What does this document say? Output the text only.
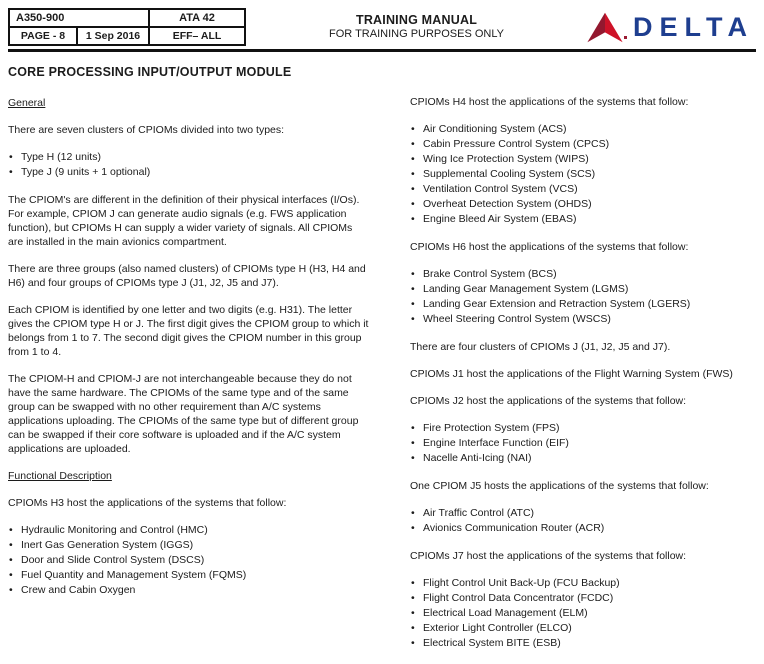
A350-900		ATA 42
PAGE - 8	1 Sep 2016	EFF– ALL
TRAINING MANUAL
FOR TRAINING PURPOSES ONLY	DELTA
CORE PROCESSING INPUT/OUTPUT MODULE
General
There are seven clusters of CPIOMs divided into two types:
• Type H (12 units)
• Type J (9 units + 1 optional)
The CPIOM's are different in the definition of their physical interfaces (I/Os). For example, CPIOM J can generate audio signals (e.g. FWS application function), but CPIOMs H can supply a wider variety of signals. All CPIOMs are installed in the main avionics compartment.
There are three groups (also named clusters) of CPIOMs type H (H3, H4 and H6) and four groups of CPIOMs type J (J1, J2, J5 and J7).
Each CPIOM is identified by one letter and two digits (e.g. H31). The letter gives the CPIOM type H or J. The first digit gives the CPIOM group to which it belongs from 1 to 7. The second digit gives the CPIOM number in this group from 1 to 4.
The CPIOM-H and CPIOM-J are not interchangeable because they do not have the same hardware. The CPIOMs of the same type and of the same group can be swapped with no other requirement than A/C systems applications uploading. The CPIOMs of the same type but of different group can be swapped if their core software is uploaded and if the A/C system applications are uploaded.
Functional Description
CPIOMs H3 host the applications of the systems that follow:
• Hydraulic Monitoring and Control (HMC)
• Inert Gas Generation System (IGGS)
• Door and Slide Control System (DSCS)
• Fuel Quantity and Management System (FQMS)
• Crew and Cabin Oxygen
CPIOMs H4 host the applications of the systems that follow:
• Air Conditioning System (ACS)
• Cabin Pressure Control System (CPCS)
• Wing Ice Protection System (WIPS)
• Supplemental Cooling System (SCS)
• Ventilation Control System (VCS)
• Overheat Detection System (OHDS)
• Engine Bleed Air System (EBAS)
CPIOMs H6 host the applications of the systems that follow:
• Brake Control System (BCS)
• Landing Gear Management System (LGMS)
• Landing Gear Extension and Retraction System (LGERS)
• Wheel Steering Control System (WSCS)
There are four clusters of CPIOMs J (J1, J2, J5 and J7).
CPIOMs J1 host the applications of the Flight Warning System (FWS)
CPIOMs J2 host the applications of the systems that follow:
• Fire Protection System (FPS)
• Engine Interface Function (EIF)
• Nacelle Anti-Icing (NAI)
One CPIOM J5 hosts the applications of the systems that follow:
• Air Traffic Control (ATC)
• Avionics Communication Router (ACR)
CPIOMs J7 host the applications of the systems that follow:
• Flight Control Unit Back-Up (FCU Backup)
• Flight Control Data Concentrator (FCDC)
• Electrical Load Management (ELM)
• Exterior Light Controller (ELCO)
• Electrical System BITE (ESB)
